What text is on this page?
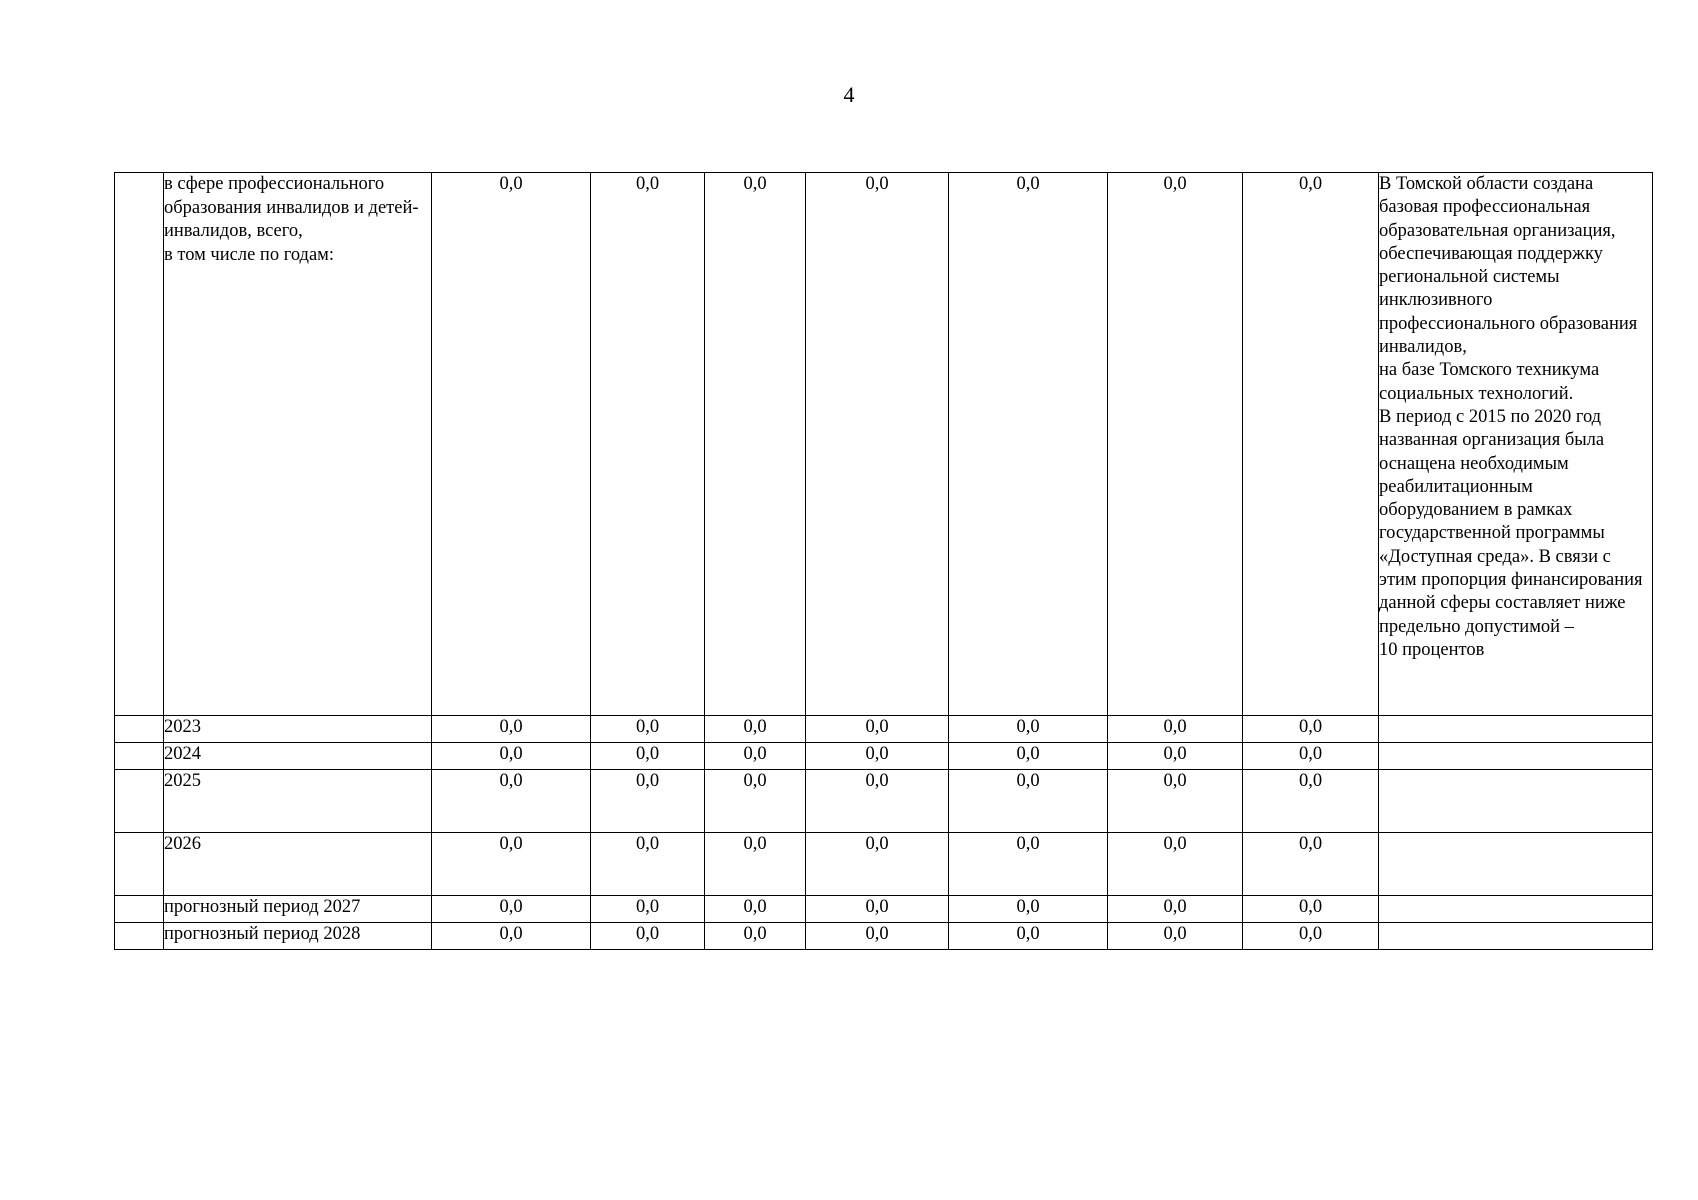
4
	в сфере профессионального образования инвалидов и детей-инвалидов, всего,
в том числе по годам:	0,0	0,0	0,0	0,0	0,0	0,0	0,0	В Томской области создана базовая профессиональная образовательная организация, обеспечивающая поддержку региональной системы инклюзивного профессионального образования инвалидов,
на базе Томского техникума социальных технологий.
В период с 2015 по 2020 год названная организация была оснащена необходимым реабилитационным оборудованием в рамках государственной программы «Доступная среда». В связи с этим пропорция финансирования данной сферы составляет ниже предельно допустимой –
10 процентов
	2023	0,0	0,0	0,0	0,0	0,0	0,0	0,0	
	2024	0,0	0,0	0,0	0,0	0,0	0,0	0,0	
	2025	0,0	0,0	0,0	0,0	0,0	0,0	0,0	
	2026	0,0	0,0	0,0	0,0	0,0	0,0	0,0	
	прогнозный период 2027	0,0	0,0	0,0	0,0	0,0	0,0	0,0	
	прогнозный период 2028	0,0	0,0	0,0	0,0	0,0	0,0	0,0	
